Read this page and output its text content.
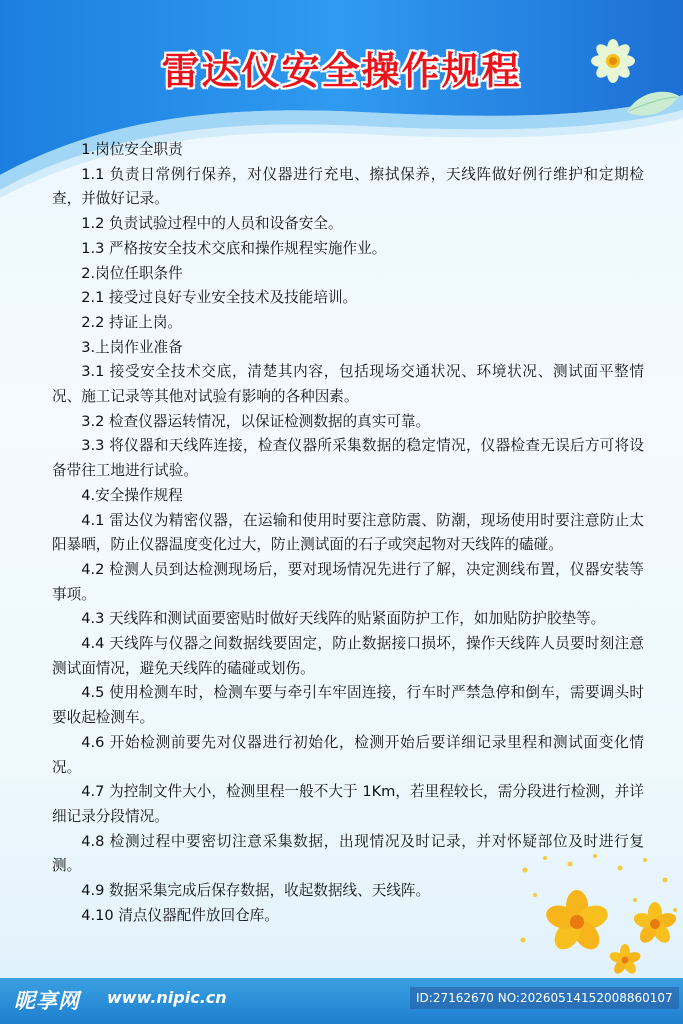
雷达仪安全操作规程

1.岗位安全职责

1.1 负责日常例行保养，对仪器进行充电、擦拭保养，天线阵做好例行维护和定期检查，并做好记录。

1.2 负责试验过程中的人员和设备安全。

1.3 严格按安全技术交底和操作规程实施作业。

2.岗位任职条件

2.1 接受过良好专业安全技术及技能培训。

2.2 持证上岗。

3.上岗作业准备

3.1 接受安全技术交底，清楚其内容，包括现场交通状况、环境状况、测试面平整情况、施工记录等其他对试验有影响的各种因素。

3.2 检查仪器运转情况，以保证检测数据的真实可靠。

3.3 将仪器和天线阵连接，检查仪器所采集数据的稳定情况，仪器检查无误后方可将设备带往工地进行试验。

4.安全操作规程

4.1 雷达仪为精密仪器，在运输和使用时要注意防震、防潮，现场使用时要注意防止太阳暴晒，防止仪器温度变化过大，防止测试面的石子或突起物对天线阵的磕碰。

4.2 检测人员到达检测现场后，要对现场情况先进行了解，决定测线布置，仪器安装等事项。

4.3 天线阵和测试面要密贴时做好天线阵的贴紧面防护工作，如加贴防护胶垫等。

4.4 天线阵与仪器之间数据线要固定，防止数据接口损坏，操作天线阵人员要时刻注意测试面情况，避免天线阵的磕碰或划伤。

4.5 使用检测车时，检测车要与牵引车牢固连接，行车时严禁急停和倒车，需要调头时要收起检测车。

4.6 开始检测前要先对仪器进行初始化，检测开始后要详细记录里程和测试面变化情况。

4.7 为控制文件大小，检测里程一般不大于 1Km，若里程较长，需分段进行检测，并详细记录分段情况。

4.8 检测过程中要密切注意采集数据，出现情况及时记录，并对怀疑部位及时进行复测。

4.9 数据采集完成后保存数据，收起数据线、天线阵。

4.10 清点仪器配件放回仓库。

昵享网 www.nipic.cn	ID:27162670 NO:20260514152008860107
